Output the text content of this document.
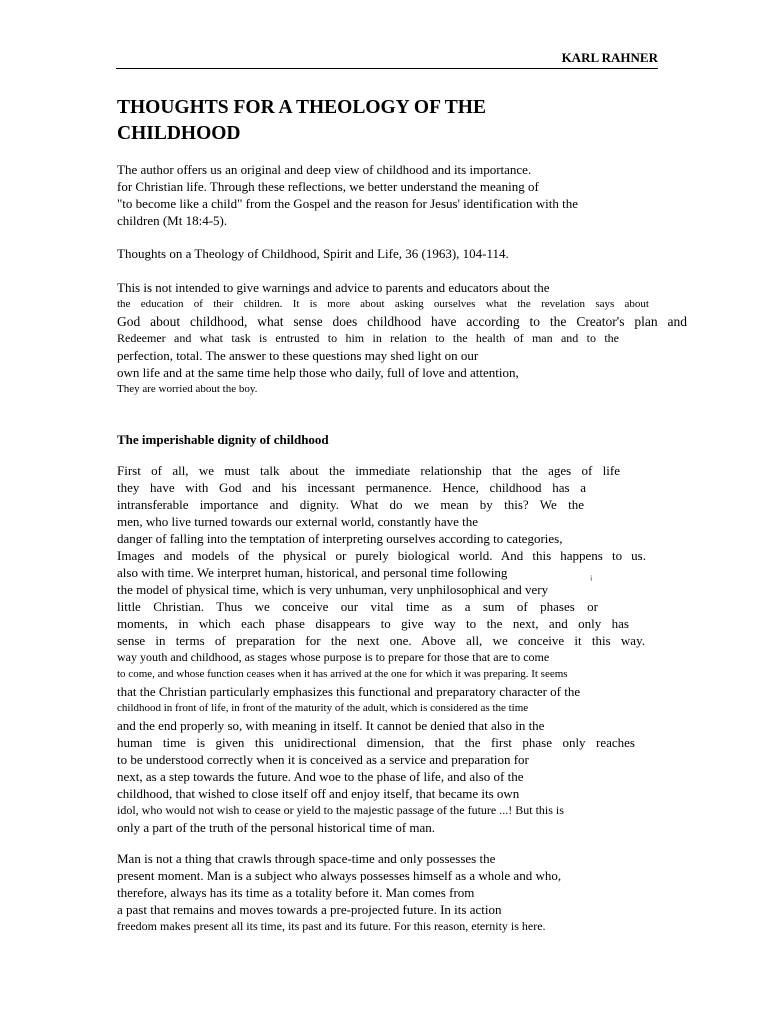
KARL RAHNER
THOUGHTS FOR A THEOLOGY OF THE
CHILDHOOD
The author offers us an original and deep view of childhood and its importance.
for Christian life. Through these reflections, we better understand the meaning of
"to become like a child" from the Gospel and the reason for Jesus' identification with the
children (Mt 18:4-5).
Thoughts on a Theology of Childhood, Spirit and Life, 36 (1963), 104-114.
This is not intended to give warnings and advice to parents and educators about the
the education of their children. It is more about asking ourselves what the revelation says about
God about childhood, what sense does childhood have according to the Creator's plan and
Redeemer and what task is entrusted to him in relation to the health of man and to the
perfection, total. The answer to these questions may shed light on our
own life and at the same time help those who daily, full of love and attention,
They are worried about the boy.
The imperishable dignity of childhood
First of all, we must talk about the immediate relationship that the ages of life
they have with God and his incessant permanence. Hence, childhood has a
intransferable importance and dignity. What do we mean by this? We the
men, who live turned towards our external world, constantly have the
danger of falling into the temptation of interpreting ourselves according to categories,
Images and models of the physical or purely biological world. And this happens to us.
also with time. We interpret human, historical, and personal time following
the model of physical time, which is very unhuman, very unphilosophical and very
little Christian. Thus we conceive our vital time as a sum of phases or
moments, in which each phase disappears to give way to the next, and only has
sense in terms of preparation for the next one. Above all, we conceive it this way.
way youth and childhood, as stages whose purpose is to prepare for those that are to come
to come, and whose function ceases when it has arrived at the one for which it was preparing. It seems
that the Christian particularly emphasizes this functional and preparatory character of the
childhood in front of life, in front of the maturity of the adult, which is considered as the time
and the end properly so, with meaning in itself. It cannot be denied that also in the
human time is given this unidirectional dimension, that the first phase only reaches
to be understood correctly when it is conceived as a service and preparation for
next, as a step towards the future. And woe to the phase of life, and also of the
childhood, that wished to close itself off and enjoy itself, that became its own
idol, who would not wish to cease or yield to the majestic passage of the future ...! But this is
only a part of the truth of the personal historical time of man.
¡
Man is not a thing that crawls through space-time and only possesses the
present moment. Man is a subject who always possesses himself as a whole and who,
therefore, always has its time as a totality before it. Man comes from
a past that remains and moves towards a pre-projected future. In its action
freedom makes present all its time, its past and its future. For this reason, eternity is here.
